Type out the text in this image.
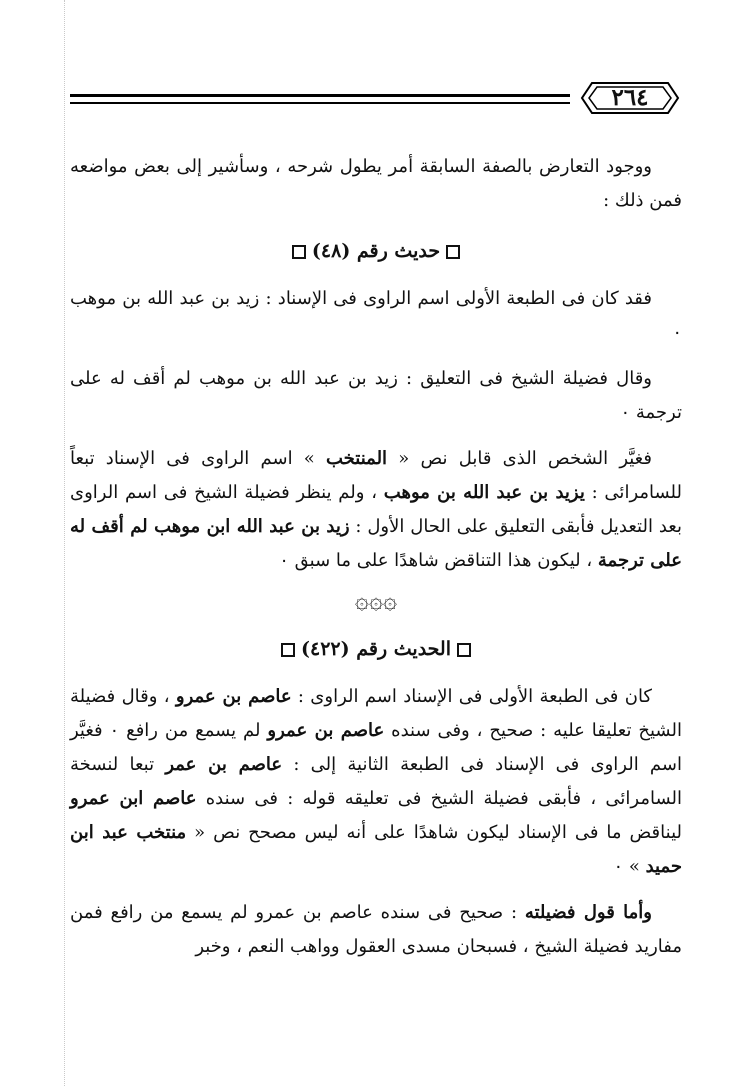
٢٦٤

ووجود التعارض بالصفة السابقة أمر يطول شرحه ، وسأشير إلى بعض مواضعه فمن ذلك :

حديث رقم (٤٨)

فقد كان فى الطبعة الأولى اسم الراوى فى الإسناد : زيد بن عبد الله بن موهب ٠

وقال فضيلة الشيخ فى التعليق : زيد بن عبد الله بن موهب لم أقف له على ترجمة ٠

فغيَّر الشخص الذى قابل نص « المنتخب » اسم الراوى فى الإسناد تبعاً للسامرائى : يزيد بن عبد الله بن موهب ، ولم ينظر فضيلة الشيخ فى اسم الراوى بعد التعديل فأبقى التعليق على الحال الأول : زيد بن عبد الله ابن موهب لم أقف له على ترجمة ، ليكون هذا التناقض شاهدًا على ما سبق ٠

۞۞۞
الحديث رقم (٤٢٢)

كان فى الطبعة الأولى فى الإسناد اسم الراوى : عاصم بن عمرو ، وقال فضيلة الشيخ تعليقا عليه : صحيح ، وفى سنده عاصم بن عمرو لم يسمع من رافع ٠ فغيَّر اسم الراوى فى الإسناد فى الطبعة الثانية إلى : عاصم بن عمر تبعا لنسخة السامرائى ، فأبقى فضيلة الشيخ فى تعليقه قوله : فى سنده عاصم ابن عمرو ليناقض ما فى الإسناد ليكون شاهدًا على أنه ليس مصحح نص « منتخب عبد ابن حميد » ٠

وأما قول فضيلته : صحيح فى سنده عاصم بن عمرو لم يسمع من رافع فمن مفاريد فضيلة الشيخ ، فسبحان مسدى العقول وواهب النعم ، وخبر
